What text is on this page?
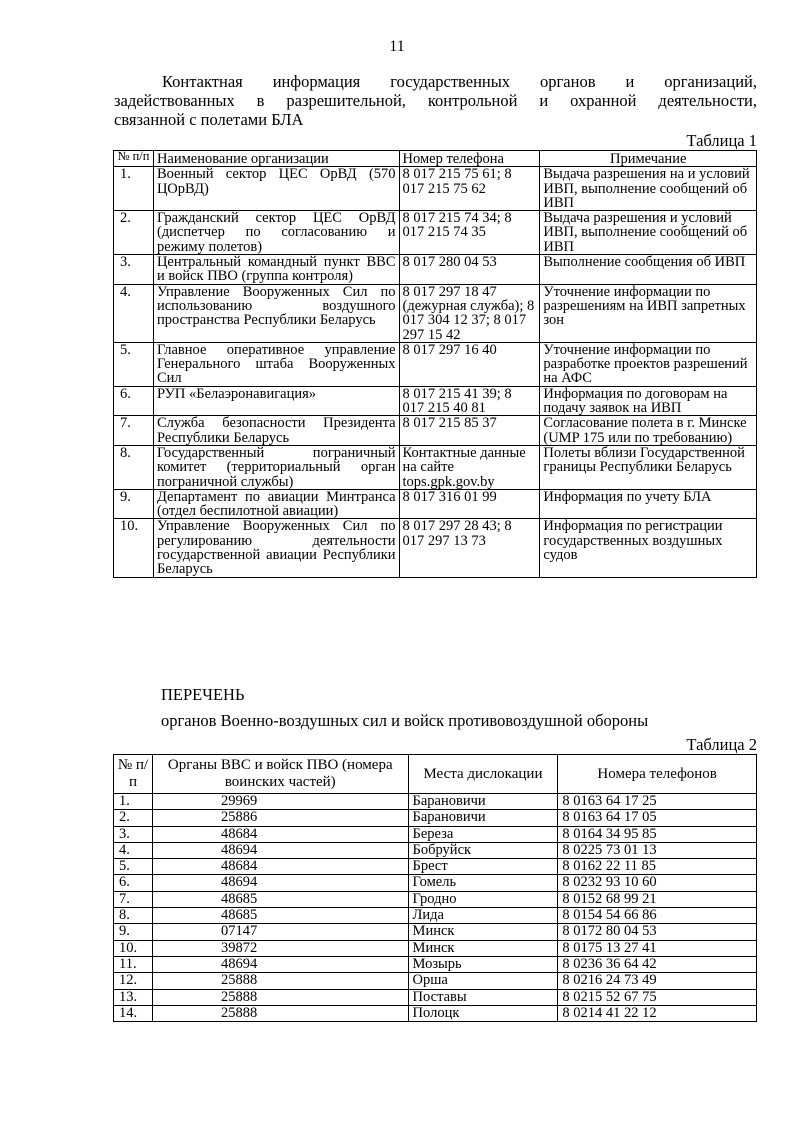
11
Контактная информация государственных органов и организаций,
задействованных в разрешительной, контрольной и охранной деятельности,
связанной с полетами БЛА
Таблица 1
№ п/п	Наименование организации	Номер телефона	Примечание
1.	Военный сектор ЦЕС ОрВД (570 ЦОрВД)	8 017 215 75 61; 8 017 215 75 62	Выдача разрешения на и условий ИВП, выполнение сообщений об ИВП
2.	Гражданский сектор ЦЕС ОрВД (диспетчер по согласованию и режиму полетов)	8 017 215 74 34; 8 017 215 74 35	Выдача разрешения и условий ИВП, выполнение сообщений об ИВП
3.	Центральный командный пункт ВВС и войск ПВО (группа контроля)	8 017 280 04 53	Выполнение сообщения об ИВП
4.	Управление Вооруженных Сил по использованию воздушного пространства Республики Беларусь	8 017 297 18 47 (дежурная служба); 8 017 304 12 37; 8 017 297 15 42	Уточнение информации по разрешениям на ИВП запретных зон
5.	Главное оперативное управление Генерального штаба Вооруженных Сил	8 017 297 16 40	Уточнение информации по разработке проектов разрешений на АФС
6.	РУП «Белаэронавигация»	8 017 215 41 39; 8 017 215 40 81	Информация по договорам на подачу заявок на ИВП
7.	Служба безопасности Президента Республики Беларусь	8 017 215 85 37	Согласование полета в г. Минске (UMP 175 или по требованию)
8.	Государственный пограничный комитет (территориальный орган пограничной службы)	Контактные данные на сайте tops.gpk.gov.by	Полеты вблизи Государственной границы Республики Беларусь
9.	Департамент по авиации Минтранса (отдел беспилотной авиации)	8 017 316 01 99	Информация по учету БЛА
10.	Управление Вооруженных Сил по регулированию деятельности государственной авиации Республики Беларусь	8 017 297 28 43; 8 017 297 13 73	Информация по регистрации государственных воздушных судов
ПЕРЕЧЕНЬ
органов Военно-воздушных сил и войск противовоздушной обороны
Таблица 2
№ п/п	Органы ВВС и войск ПВО (номера воинских частей)	Места дислокации	Номера телефонов
1.	29969	Барановичи	8 0163 64 17 25
2.	25886	Барановичи	8 0163 64 17 05
3.	48684	Береза	8 0164 34 95 85
4.	48694	Бобруйск	8 0225 73 01 13
5.	48684	Брест	8 0162 22 11 85
6.	48694	Гомель	8 0232 93 10 60
7.	48685	Гродно	8 0152 68 99 21
8.	48685	Лида	8 0154 54 66 86
9.	07147	Минск	8 0172 80 04 53
10.	39872	Минск	8 0175 13 27 41
11.	48694	Мозырь	8 0236 36 64 42
12.	25888	Орша	8 0216 24 73 49
13.	25888	Поставы	8 0215 52 67 75
14.	25888	Полоцк	8 0214 41 22 12
